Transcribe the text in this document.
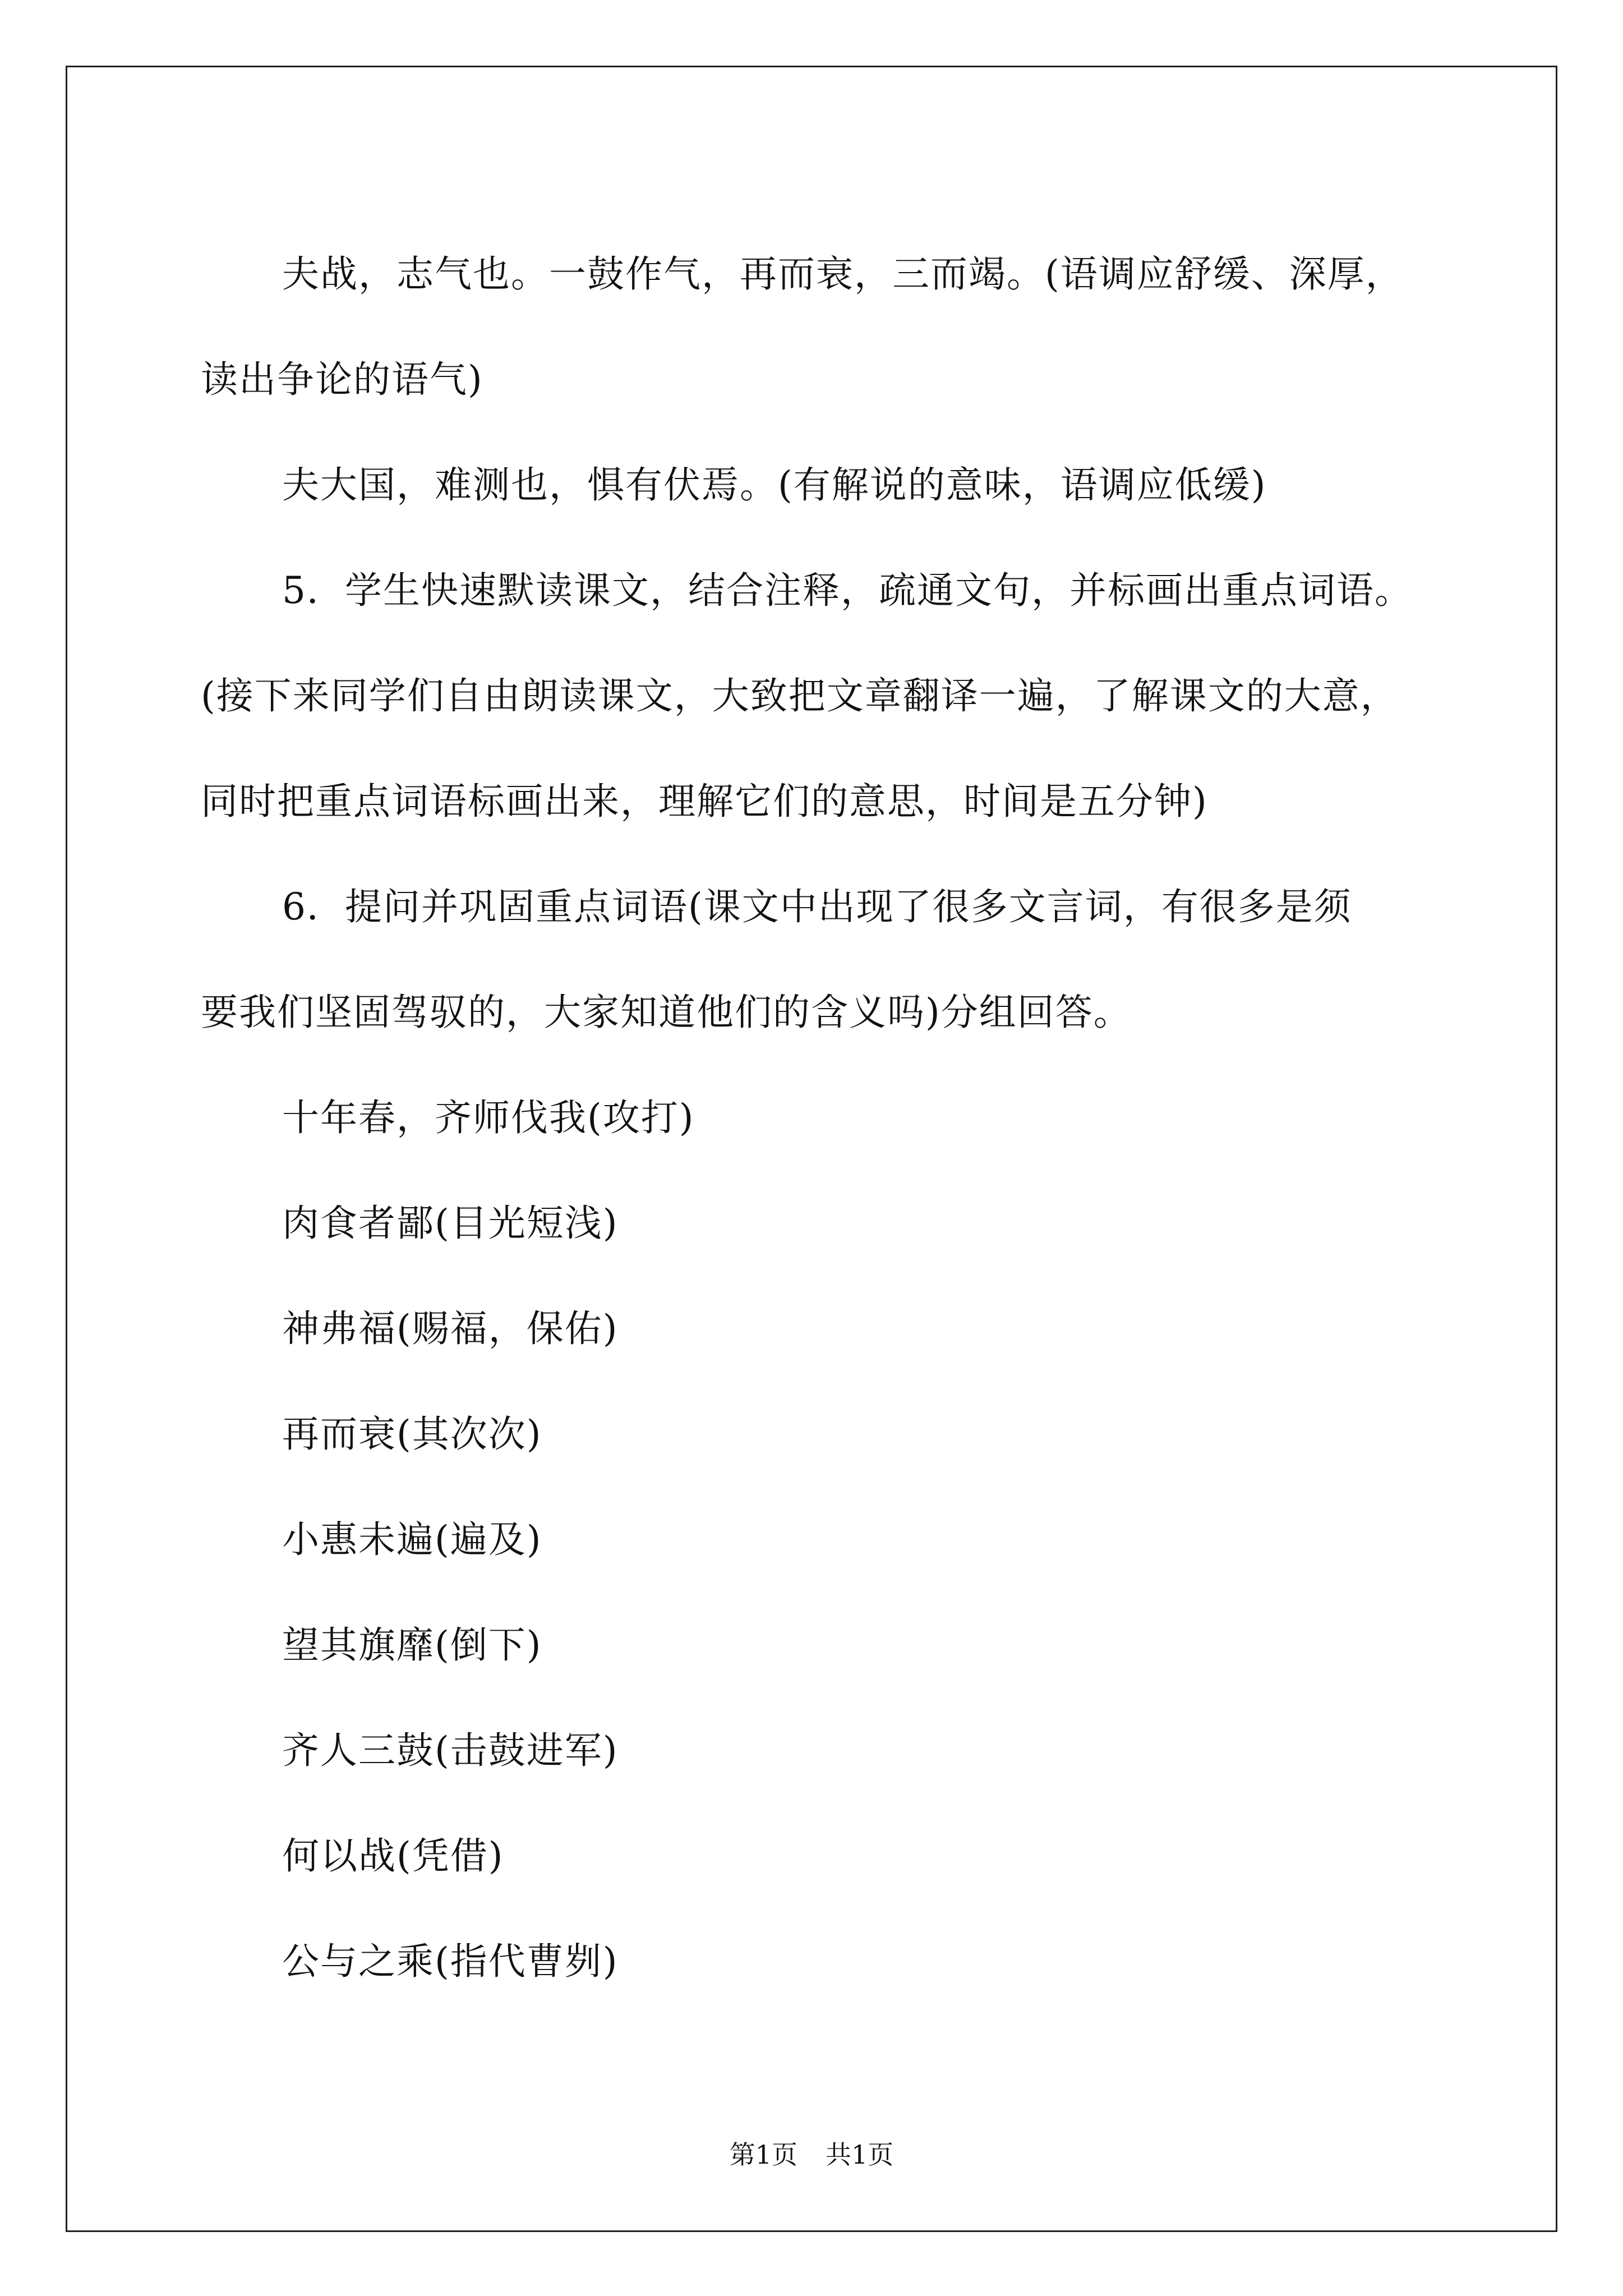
夫战，志气也。一鼓作气，再而衰，三而竭。(语调应舒缓、深厚，

读出争论的语气)

夫大国，难测也，惧有伏焉。(有解说的意味，语调应低缓)

5．学生快速默读课文，结合注释，疏通文句，并标画出重点词语。

(接下来同学们自由朗读课文，大致把文章翻译一遍，了解课文的大意，

同时把重点词语标画出来，理解它们的意思，时间是五分钟)

6．提问并巩固重点词语(课文中出现了很多文言词，有很多是须

要我们坚固驾驭的，大家知道他们的含义吗)分组回答。

十年春，齐师伐我(攻打)

肉食者鄙(目光短浅)

神弗福(赐福，保佑)

再而衰(其次次)

小惠未遍(遍及)

望其旗靡(倒下)

齐人三鼓(击鼓进军)

何以战(凭借)

公与之乘(指代曹刿)

第1页 共1页
